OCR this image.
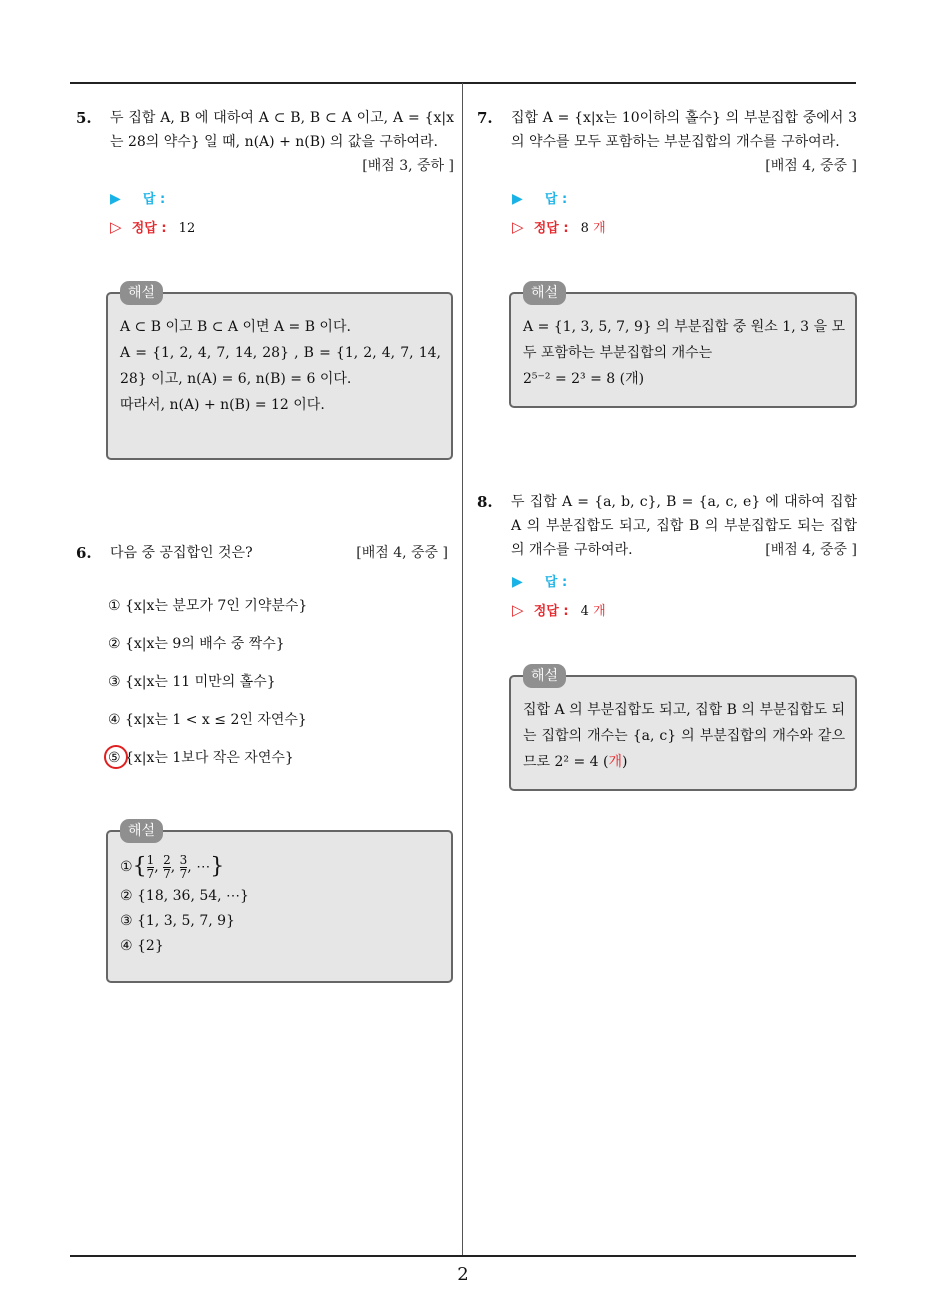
2
5. 두 집합 A, B 에 대하여 A ⊂ B, B ⊂ A 이고, A = {x|x는 28의 약수} 일 때, n(A) + n(B) 의 값을 구하여라.
[배점 3, 중하 ]
▶ 답 :
▷ 정답 : 12
해설
A ⊂ B 이고 B ⊂ A 이면 A = B 이다.
A = {1, 2, 4, 7, 14, 28} , B = {1, 2, 4, 7, 14, 28} 이고, n(A) = 6, n(B) = 6 이다.
따라서, n(A) + n(B) = 12 이다.
6. 다음 중 공집합인 것은?	[배점 4, 중중 ]
① {x|x는 분모가 7인 기약분수}
② {x|x는 9의 배수 중 짝수}
③ {x|x는 11 미만의 홀수}
④ {x|x는 1 < x ≤ 2인 자연수}
⑤ {x|x는 1보다 작은 자연수}
해설
①{ $\frac{1}{7}$ , $\frac{2}{7}$ , $\frac{3}{7}$ , ⋯}
② {18, 36, 54, ⋯}
③ {1, 3, 5, 7, 9}
④ {2}
7. 집합 A = {x|x는 10이하의 홀수} 의 부분집합 중에서 3 의 약수를 모두 포함하는 부분집합의 개수를 구하여라.
[배점 4, 중중 ]
▶ 답 :
▷ 정답 : 8 개
해설
A = {1, 3, 5, 7, 9} 의 부분집합 중 원소 1, 3 을 모두 포함하는 부분집합의 개수는
2⁵⁻² = 2³ = 8 (개)
8. 두 집합 A = {a, b, c}, B = {a, c, e} 에 대하여 집합 A 의 부분집합도 되고, 집합 B 의 부분집합도 되는 집합의 개수를 구하여라.	[배점 4, 중중 ]
▶ 답 :
▷ 정답 : 4 개
해설
집합 A 의 부분집합도 되고, 집합 B 의 부분집합도 되는 집합의 개수는 {a, c} 의 부분집합의 개수와 같으므로 2² = 4 (개)
